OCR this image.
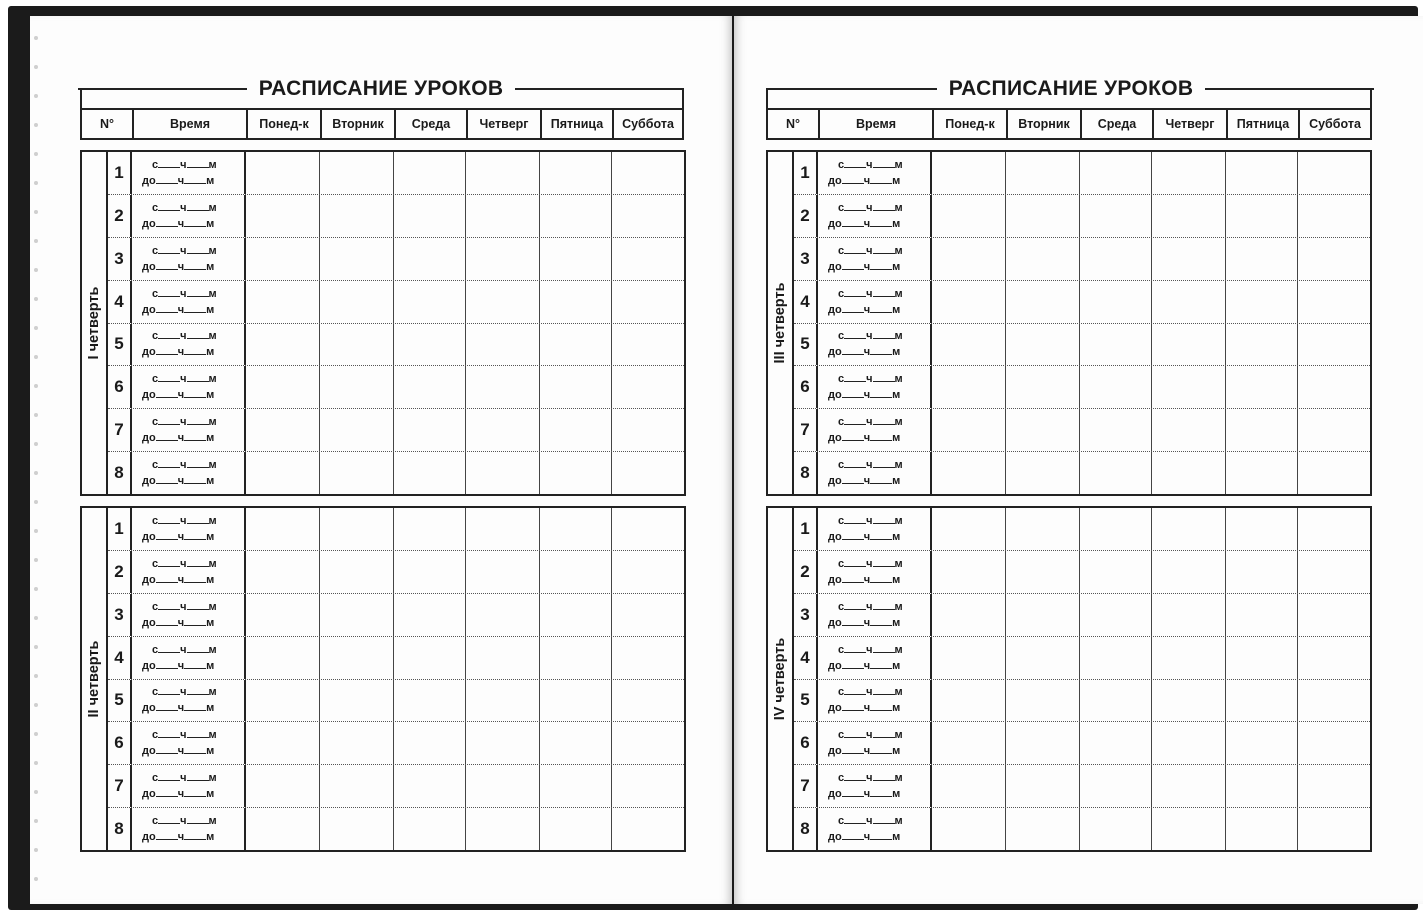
РАСПИСАНИЕ УРОКОВ
N°	Время	Понед-к	Вторник	Среда	Четверг	Пятница	Суббота
I четверть
1	с ч м
до ч м
2	с ч м
до ч м
3	с ч м
до ч м
4	с ч м
до ч м
5	с ч м
до ч м
6	с ч м
до ч м
7	с ч м
до ч м
8	с ч м
до ч м
II четверть
1	с ч м
до ч м
2	с ч м
до ч м
3	с ч м
до ч м
4	с ч м
до ч м
5	с ч м
до ч м
6	с ч м
до ч м
7	с ч м
до ч м
8	с ч м
до ч м
РАСПИСАНИЕ УРОКОВ
N°	Время	Понед-к	Вторник	Среда	Четверг	Пятница	Суббота
III четверть
1	с ч м
до ч м
2	с ч м
до ч м
3	с ч м
до ч м
4	с ч м
до ч м
5	с ч м
до ч м
6	с ч м
до ч м
7	с ч м
до ч м
8	с ч м
до ч м
IV четверть
1	с ч м
до ч м
2	с ч м
до ч м
3	с ч м
до ч м
4	с ч м
до ч м
5	с ч м
до ч м
6	с ч м
до ч м
7	с ч м
до ч м
8	с ч м
до ч м
